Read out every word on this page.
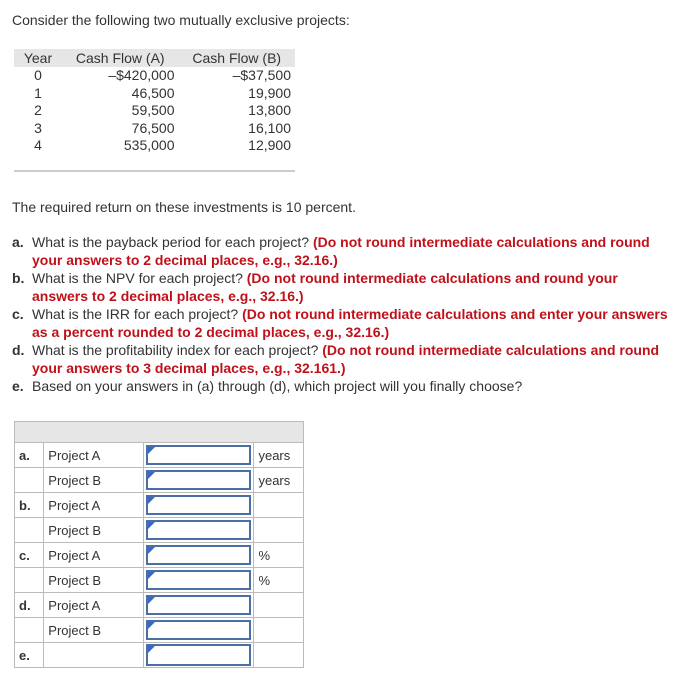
Consider the following two mutually exclusive projects:
Year	Cash Flow (A)	Cash Flow (B)
0	–$420,000	–$37,500
1	46,500	19,900
2	59,500	13,800
3	76,500	16,100
4	535,000	12,900
The required return on these investments is 10 percent.
a. What is the payback period for each project? (Do not round intermediate calculations and round your answers to 2 decimal places, e.g., 32.16.)
b. What is the NPV for each project? (Do not round intermediate calculations and round your answers to 2 decimal places, e.g., 32.16.)
c. What is the IRR for each project? (Do not round intermediate calculations and enter your answers as a percent rounded to 2 decimal places, e.g., 32.16.)
d. What is the profitability index for each project? (Do not round intermediate calculations and round your answers to 3 decimal places, e.g., 32.161.)
e. Based on your answers in (a) through (d), which project will you finally choose?

a.	Project A		years
	Project B		years
b.	Project A	

	Project B	

c.	Project A		%
	Project B		%
d.	Project A	

	Project B	

e.		
